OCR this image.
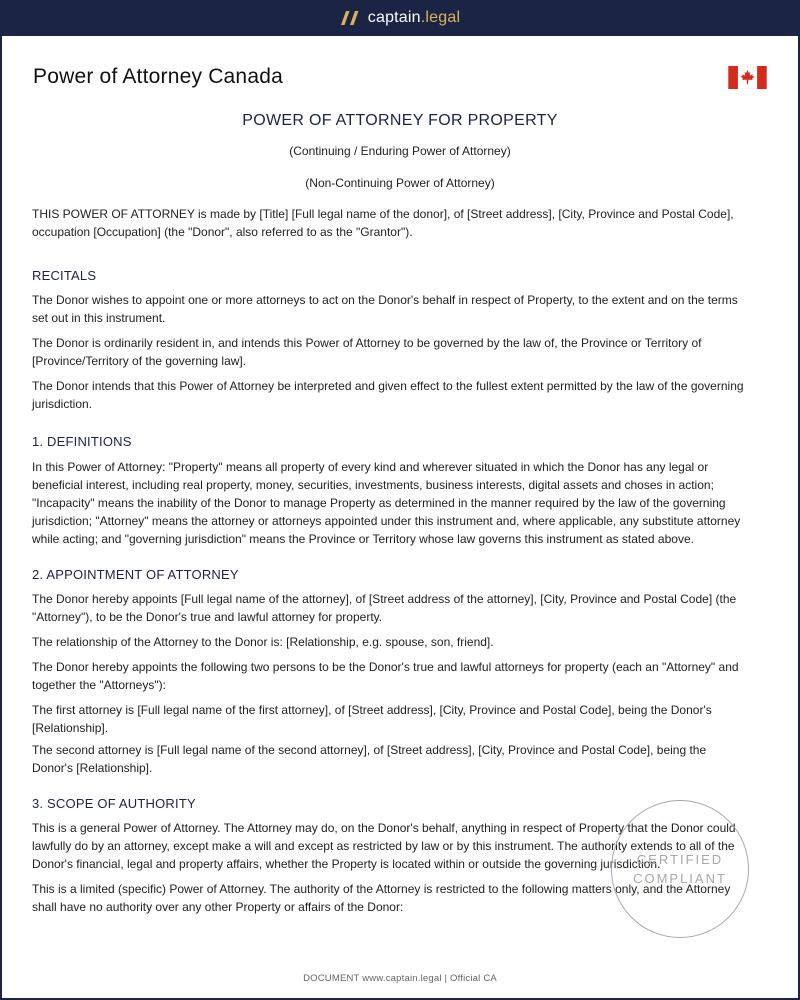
captain.legal
Power of Attorney Canada
POWER OF ATTORNEY FOR PROPERTY
(Continuing / Enduring Power of Attorney)
(Non-Continuing Power of Attorney)

THIS POWER OF ATTORNEY is made by [Title] [Full legal name of the donor], of [Street address], [City, Province and Postal Code], occupation [Occupation] (the "Donor", also referred to as the "Grantor").

RECITALS

The Donor wishes to appoint one or more attorneys to act on the Donor's behalf in respect of Property, to the extent and on the terms set out in this instrument.

The Donor is ordinarily resident in, and intends this Power of Attorney to be governed by the law of, the Province or Territory of [Province/Territory of the governing law].

The Donor intends that this Power of Attorney be interpreted and given effect to the fullest extent permitted by the law of the governing jurisdiction.

1. DEFINITIONS

In this Power of Attorney: "Property" means all property of every kind and wherever situated in which the Donor has any legal or beneficial interest, including real property, money, securities, investments, business interests, digital assets and choses in action; "Incapacity" means the inability of the Donor to manage Property as determined in the manner required by the law of the governing jurisdiction; "Attorney" means the attorney or attorneys appointed under this instrument and, where applicable, any substitute attorney while acting; and "governing jurisdiction" means the Province or Territory whose law governs this instrument as stated above.

2. APPOINTMENT OF ATTORNEY

The Donor hereby appoints [Full legal name of the attorney], of [Street address of the attorney], [City, Province and Postal Code] (the "Attorney"), to be the Donor's true and lawful attorney for property.

The relationship of the Attorney to the Donor is: [Relationship, e.g. spouse, son, friend].

The Donor hereby appoints the following two persons to be the Donor's true and lawful attorneys for property (each an "Attorney" and together the "Attorneys"):

The first attorney is [Full legal name of the first attorney], of [Street address], [City, Province and Postal Code], being the Donor's [Relationship].

The second attorney is [Full legal name of the second attorney], of [Street address], [City, Province and Postal Code], being the Donor's [Relationship].

3. SCOPE OF AUTHORITY

This is a general Power of Attorney. The Attorney may do, on the Donor's behalf, anything in respect of Property that the Donor could lawfully do by an attorney, except make a will and except as restricted by law or by this instrument. The authority extends to all of the Donor's financial, legal and property affairs, whether the Property is located within or outside the governing jurisdiction.

This is a limited (specific) Power of Attorney. The authority of the Attorney is restricted to the following matters only, and the Attorney shall have no authority over any other Property or affairs of the Donor:

CERTIFIED
COMPLIANT
DOCUMENT www.captain.legal | Official CA
